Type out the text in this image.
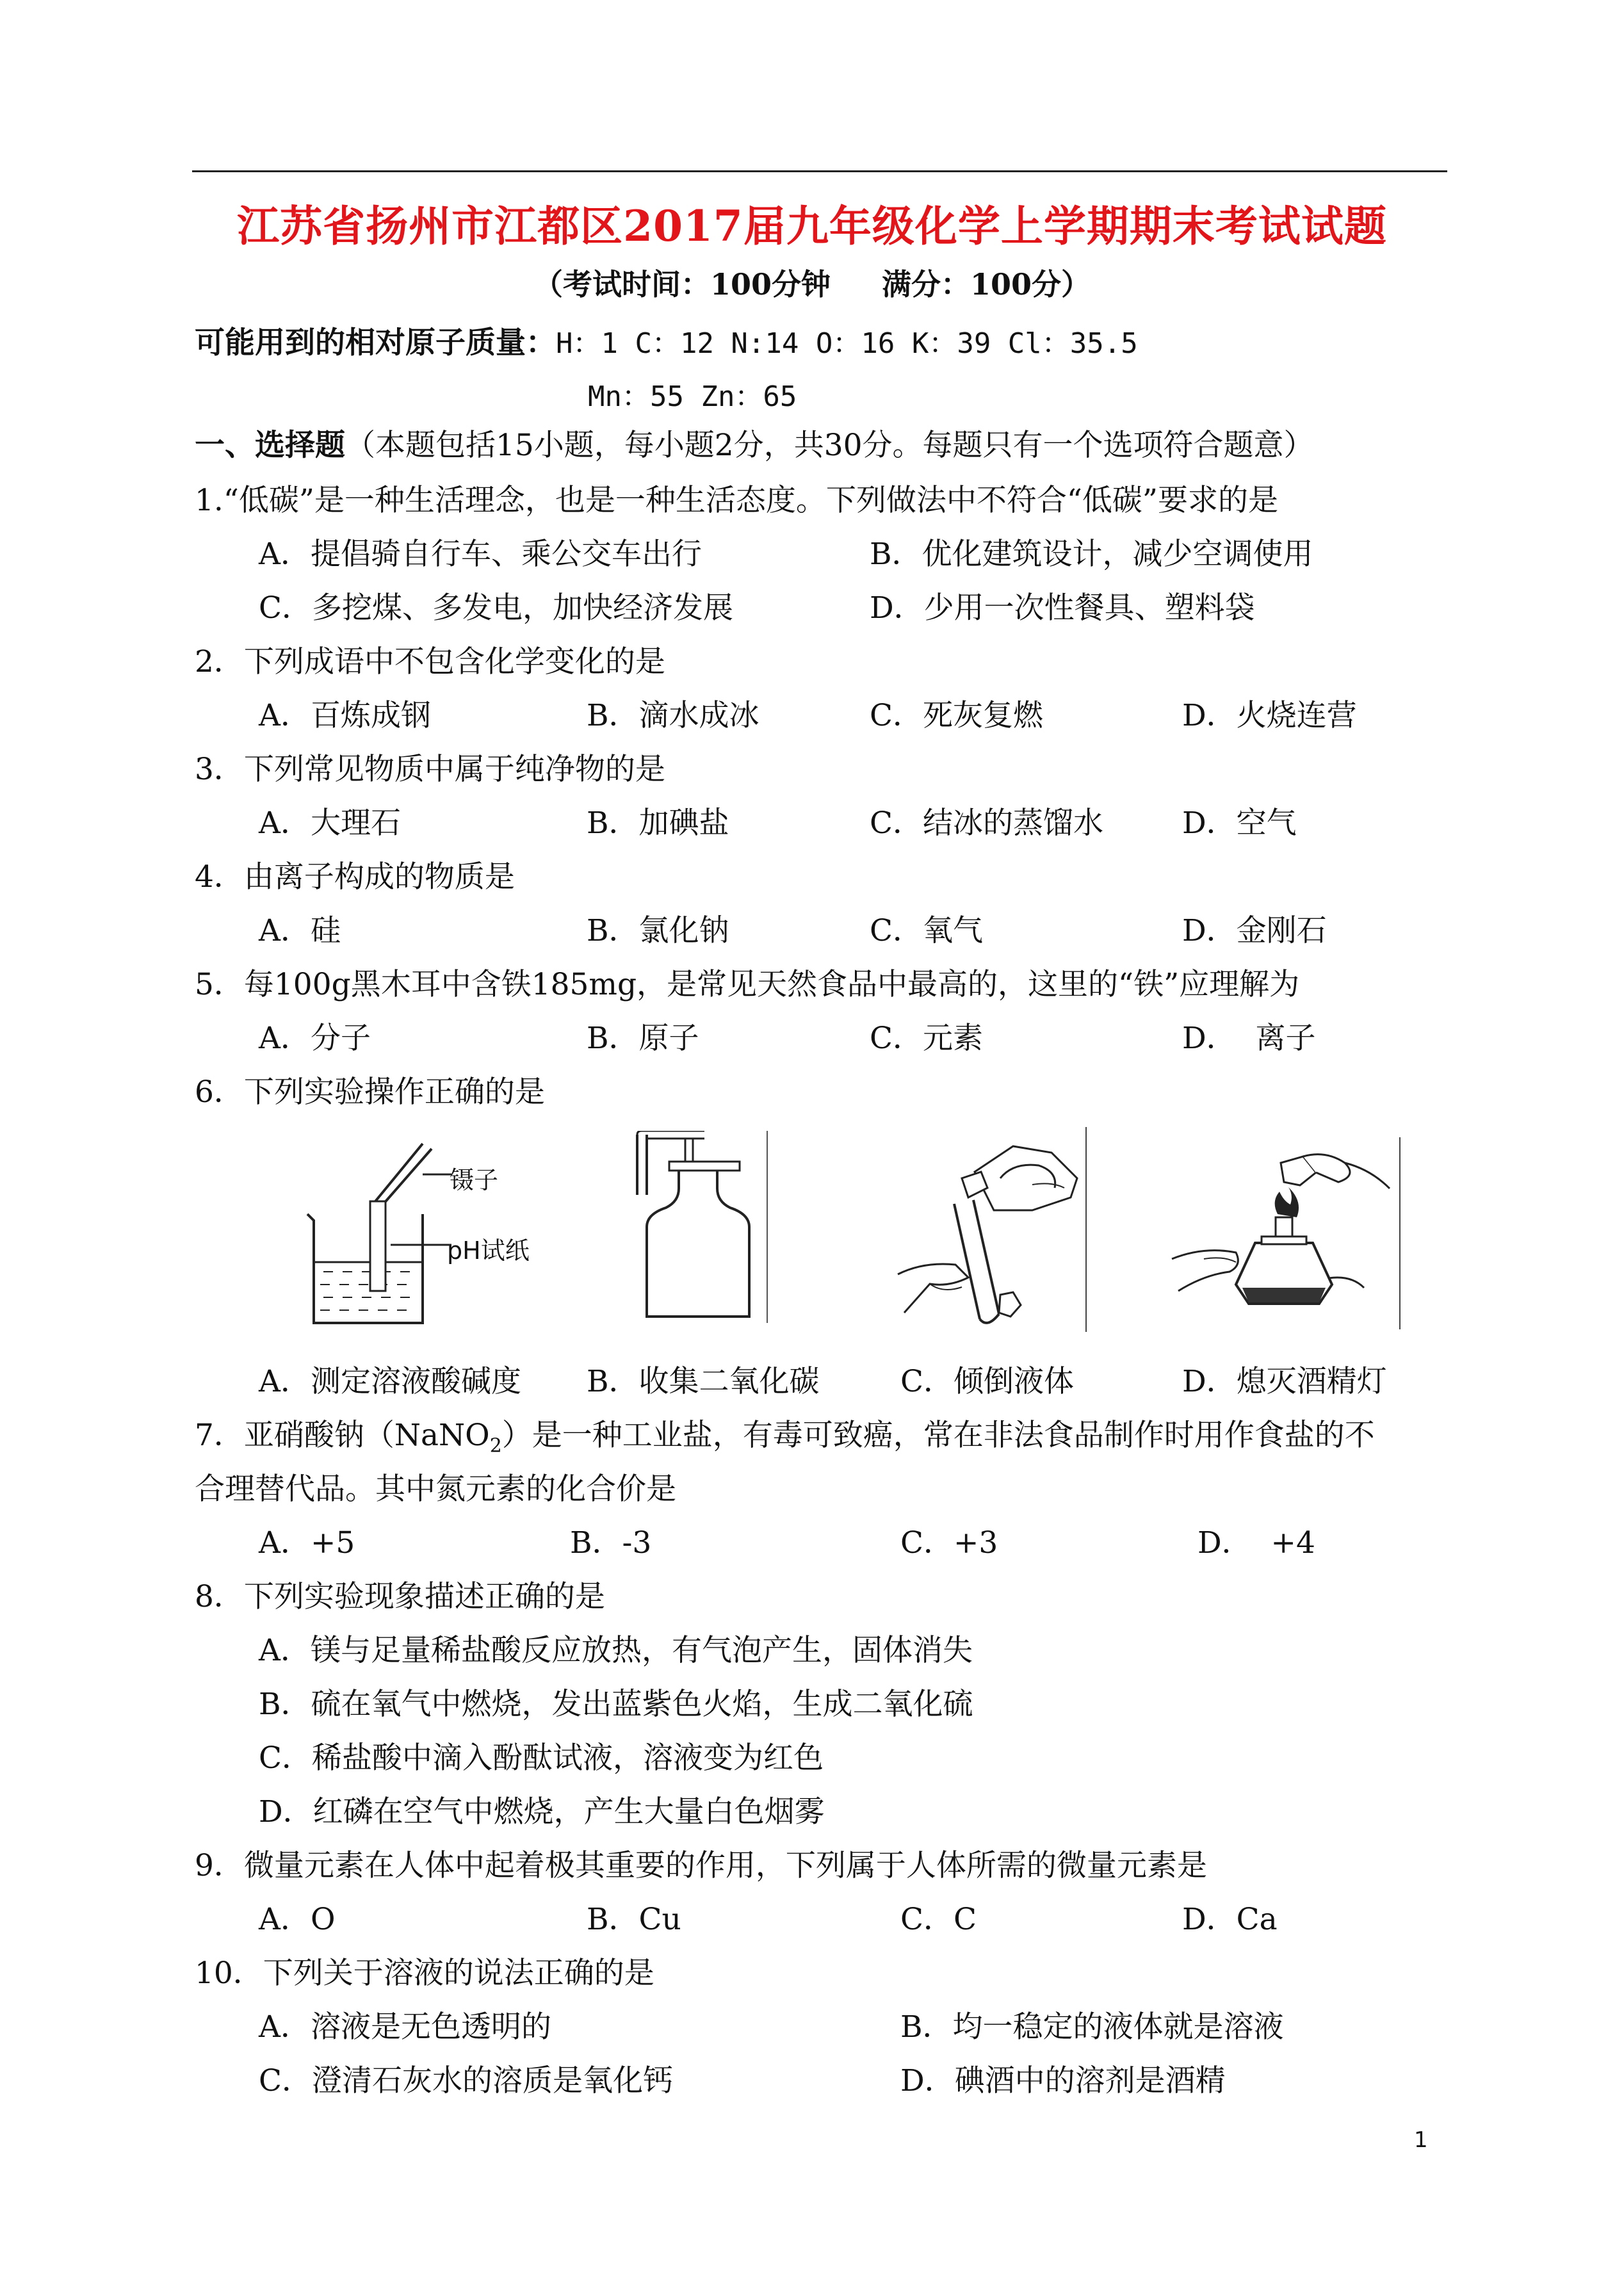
江苏省扬州市江都区2017届九年级化学上学期期末考试试题
（考试时间：100分钟 满分：100分）
可能用到的相对原子质量：H：1 C：12 N:14 O：16 K：39 Cl：35.5
Mn：55 Zn：65
一、选择题（本题包括15小题，每小题2分，共30分。每题只有一个选项符合题意）
1.“低碳”是一种生活理念，也是一种生活态度。下列做法中不符合“低碳”要求的是
A．提倡骑自行车、乘公交车出行	B．优化建筑设计，减少空调使用
C．多挖煤、多发电，加快经济发展	D．少用一次性餐具、塑料袋
2．下列成语中不包含化学变化的是
A．百炼成钢	B．滴水成冰	C．死灰复燃	D．火烧连营
3．下列常见物质中属于纯净物的是
A．大理石	B．加碘盐	C．结冰的蒸馏水	D．空气
4．由离子构成的物质是
A．硅	B．氯化钠	C．氧气	D．金刚石
5．每100g黑木耳中含铁185mg，是常见天然食品中最高的，这里的“铁”应理解为
A．分子	B．原子	C．元素	D．  离子
6．下列实验操作正确的是
镊子
pH试纸
A．测定溶液酸碱度 B．收集二氧化碳	C．倾倒液体	D．熄灭酒精灯
7．亚硝酸钠（NaNO$_2$）是一种工业盐，有毒可致癌，常在非法食品制作时用作食盐的不
合理替代品。其中氮元素的化合价是
A．+5	B．-3	C．+3	D．  +4
8．下列实验现象描述正确的是
A．镁与足量稀盐酸反应放热，有气泡产生，固体消失
B．硫在氧气中燃烧，发出蓝紫色火焰，生成二氧化硫
C．稀盐酸中滴入酚酞试液，溶液变为红色
D．红磷在空气中燃烧，产生大量白色烟雾
9．微量元素在人体中起着极其重要的作用，下列属于人体所需的微量元素是
A．O	B．Cu	C．C	D．Ca
10．下列关于溶液的说法正确的是
A．溶液是无色透明的	B．均一稳定的液体就是溶液
C．澄清石灰水的溶质是氧化钙	D．碘酒中的溶剂是酒精
1
